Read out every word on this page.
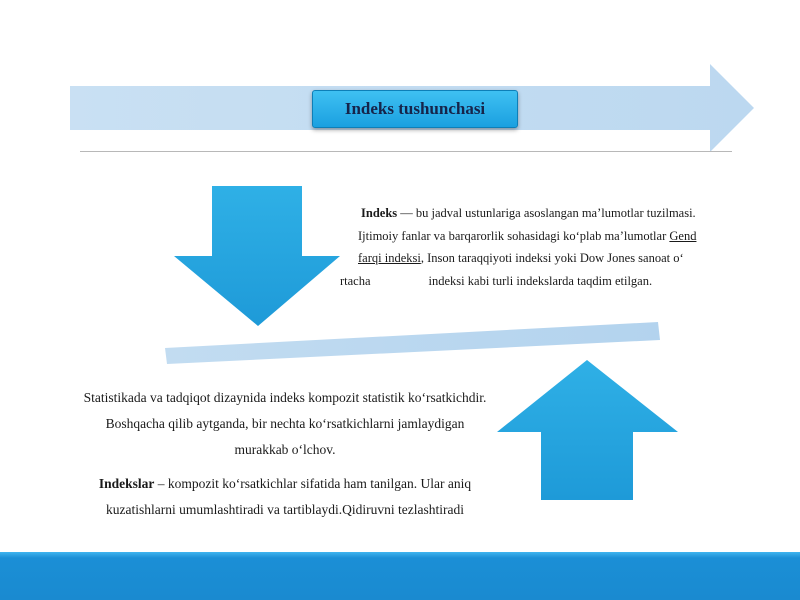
Indeks tushunchasi

Indeks — bu jadval ustunlariga asoslangan maʼlumotlar tuzilmasi.

Ijtimoiy fanlar va barqarorlik sohasidagi koʻplab maʼlumotlar Gend

farqi indeksi, Inson taraqqiyoti indeksi yoki Dow Jones sanoat oʻ

rtacha	indeksi kabi turli indekslarda taqdim etilgan.

Statistikada va tadqiqot dizaynida indeks kompozit statistik koʻrsatkichdir. Boshqacha qilib aytganda, bir nechta koʻrsatkichlarni jamlaydigan murakkab oʻlchov.

Indekslar – kompozit koʻrsatkichlar sifatida ham tanilgan. Ular aniq kuzatishlarni umumlashtiradi va tartiblaydi.Qidiruvni tezlashtiradi
